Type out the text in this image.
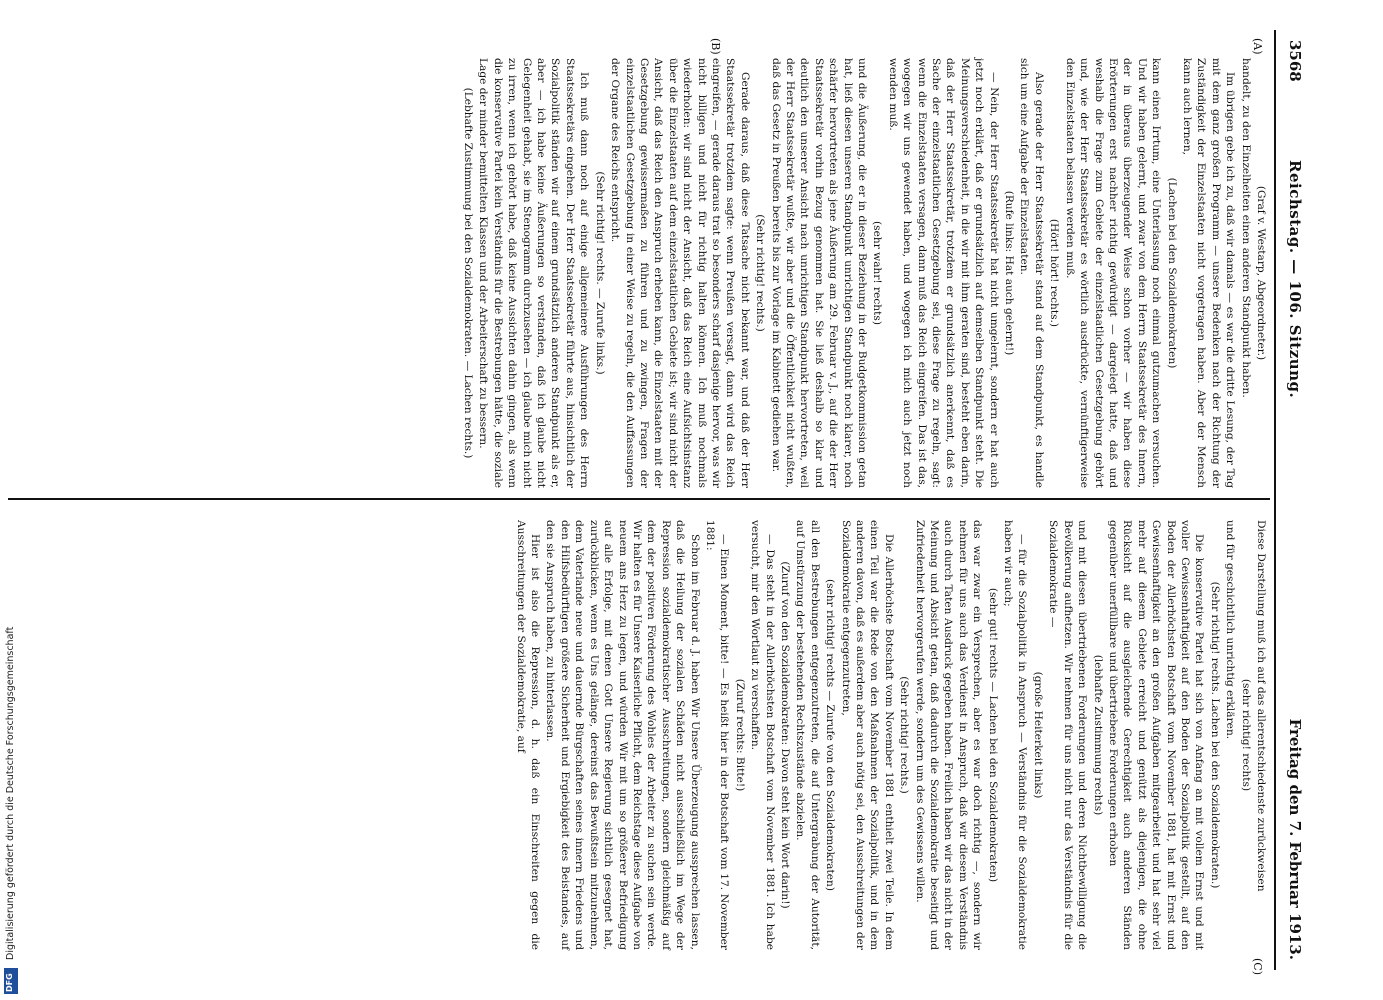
3568
Reichstag. — 106. Sitzung.
Freitag den 7. Februar 1913.
(A)
(B)
(C)

(Graf v. Westarp, Abgeordneter.)

handelt, zu den Einzelheiten einen anderen Standpunkt haben.

Im übrigen gebe ich zu, daß wir damals — es war die dritte Lesung, der Tag mit dem ganz großen Programm — unsere Bedenken nach der Richtung der Zuständigkeit der Einzelstaaten nicht vorgetragen haben. Aber der Mensch kann auch lernen,

(Lachen bei den Sozialdemokraten)

kann einen Irrtum, eine Unterlassung noch einmal gutzumachen versuchen. Und wir haben gelernt, und zwar von dem Herrn Staatssekretär des Innern, der in überaus überzeugender Weise schon vorher — wir haben diese Erörterungen erst nachher richtig gewürdigt — dargelegt hatte, daß und weshalb die Frage zum Gebiete der einzelstaatlichen Gesetzgebung gehört und, wie der Herr Staatssekretär es wörtlich ausdrückte, vernünftigerweise den Einzelstaaten belassen werden muß.

(Hört! hört! rechts.)

Also gerade der Herr Staatssekretär stand auf dem Standpunkt, es handle sich um eine Aufgabe der Einzelstaaten.

(Rufe links: Hat auch gelernt!)

— Nein, der Herr Staatssekretär hat nicht umgelernt, sondern er hat auch jetzt noch erklärt, daß er grundsätzlich auf demselben Standpunkt steht. Die Meinungsverschiedenheit, in die wir mit ihm geraten sind, besteht eben darin, daß der Herr Staatssekretär, trotzdem er grundsätzlich anerkennt, daß es Sache der einzelstaatlichen Gesetzgebung sei, diese Frage zu regeln, sagt: wenn die Einzelstaaten versagen, dann muß das Reich eingreifen. Das ist das, wogegen wir uns gewendet haben, und wogegen ich mich auch jetzt noch wenden muß.

(sehr wahr! rechts)

und die Äußerung, die er in dieser Beziehung in der Budgetkommission getan hat, ließ diesen unseren Standpunkt unrichtigen Standpunkt noch klarer, noch schärfer hervortreten als jene Äußerung am 29. Februar v. J., auf die der Herr Staatssekretär vorhin Bezug genommen hat. Sie ließ deshalb so klar und deutlich den unserer Ansicht nach unrichtigen Standpunkt hervortreten, weil der Herr Staatssekretär wußte, wir aber und die Öffentlichkeit nicht wußten, daß das Gesetz in Preußen bereits bis zur Vorlage im Kabinett gediehen war.

(Sehr richtig! rechts.)

Gerade daraus, daß diese Tatsache nicht bekannt war, und daß der Herr Staatssekretär trotzdem sagte: wenn Preußen versagt, dann wird das Reich eingreifen, — gerade daraus trat so besonders scharf dasjenige hervor, was wir nicht billigen und nicht für richtig halten können. Ich muß nochmals wiederholen: wir sind nicht der Ansicht, daß das Reich eine Aufsichtsinstanz über die Einzelstaaten auf dem einzelstaatlichen Gebiete ist; wir sind nicht der Ansicht, daß das Reich den Anspruch erheben kann, die Einzelstaaten mit der Gesetzgebung gewissermaßen zu führen und zu zwingen, Fragen der einzelstaatlichen Gesetzgebung in einer Weise zu regeln, die den Auffassungen der Organe des Reichs entspricht.

(Sehr richtig! rechts. — Zurufe links.)

Ich muß dann noch auf einige allgemeinere Ausführungen des Herrn Staatssekretärs eingehen. Der Herr Staatssekretär führte aus, hinsichtlich der Sozialpolitik ständen wir auf einem grundsätzlich anderen Standpunkt als er, aber — ich habe keine Äußerungen so verstanden, daß ich glaube nicht Gelegenheit gehabt, sie im Stenogramm durchzusehen — ich glaube mich nicht zu irren, wenn ich gehört habe, daß keine Aussichten dahin gingen, als wenn die konservative Partei kein Verständnis für die Bestrebungen hätte, die soziale Lage der minder bemittelten Klassen und der Arbeiterschaft zu bessern.

(Lebhafte Zustimmung bei den Sozialdemokraten. — Lachen rechts.)

Diese Darstellung muß ich auf das allerentschiedenste zurückweisen

(sehr richtig! rechts)

und für geschichtlich unrichtig erklären.

(Sehr richtig! rechts. Lachen bei den Sozialdemokraten.)

Die konservative Partei hat sich von Anfang an mit vollem Ernst und mit voller Gewissenhaftigkeit auf den Boden der Sozialpolitik gestellt, auf den Boden der Allerhöchsten Botschaft vom November 1881, hat mit Ernst und Gewissenhaftigkeit an den großen Aufgaben mitgearbeitet und hat sehr viel mehr auf diesem Gebiete erreicht und genützt als diejenigen, die ohne Rücksicht auf die ausgleichende Gerechtigkeit auch anderen Ständen gegenüber unerfüllbare und übertriebene Forderungen erhoben

(lebhafte Zustimmung rechts)

und mit diesen übertriebenen Forderungen und deren Nichtbewilligung die Bevölkerung aufhetzen. Wir nehmen für uns nicht nur das Verständnis für die Sozialdemokratie —

(große Heiterkeit links)

— für die Sozialpolitik in Anspruch — Verständnis für die Sozialdemokratie haben wir auch;

(sehr gut! rechts — Lachen bei den Sozialdemokraten)

das war zwar ein Versprechen, aber es war doch richtig —, sondern wir nehmen für uns auch das Verdienst in Anspruch, daß wir diesem Verständnis auch durch Taten Ausdruck gegeben haben. Freilich haben wir das nicht in der Meinung und Absicht getan, daß dadurch die Sozialdemokratie beseitigt und Zufriedenheit hervorgerufen werde, sondern um des Gewissens willen.

(Sehr richtig! rechts.)

Die Allerhöchste Botschaft vom November 1881 enthielt zwei Teile. In dem einen Teil war die Rede von den Maßnahmen der Sozialpolitik, und in dem anderen davon, daß es außerdem aber auch nötig sei, den Ausschreitungen der Sozialdemokratie entgegenzutreten,

(sehr richtig! rechts — Zurufe von den Sozialdemokraten)

all den Bestrebungen entgegenzutreten, die auf Untergrabung der Autorität, auf Umstürzung der bestehenden Rechtszustände abzielen.

(Zuruf von den Sozialdemokraten: Davon steht kein Wort darin!)

— Das steht in der Allerhöchsten Botschaft vom November 1881. Ich habe versucht, mir den Wortlaut zu verschaffen.

(Zuruf rechts: Bitte!)

— Einen Moment, bitte! — Es heißt hier in der Botschaft vom 17. November 1881:

Schon im Februar d. J. haben Wir Unsere Überzeugung aussprechen lassen, daß die Heilung der sozialen Schäden nicht ausschließlich im Wege der Repression sozialdemokratischer Ausschreitungen, sondern gleichmäßig auf dem der positiven Förderung des Wohles der Arbeiter zu suchen sein werde. Wir halten es für Unsere Kaiserliche Pflicht, dem Reichstage diese Aufgabe von neuem ans Herz zu legen, und würden Wir mit um so größerer Befriedigung auf alle Erfolge, mit denen Gott Unsere Regierung sichtlich gesegnet hat, zurückblicken, wenn es Uns gelänge, dereinst das Bewußtsein mitzunehmen, dem Vaterlande neue und dauernde Bürgschaften seines innern Friedens und den Hilfsbedürftigen größere Sicherheit und Ergiebigkeit des Beistandes, auf den sie Anspruch haben, zu hinterlassen.

Hier ist also die Repression, d. h. daß ein Einschreiten gegen die Ausschreitungen der Sozialdemokratie, auf

Digitalisierung gefördert durch die Deutsche Forschungsgemeinschaft
DFG
